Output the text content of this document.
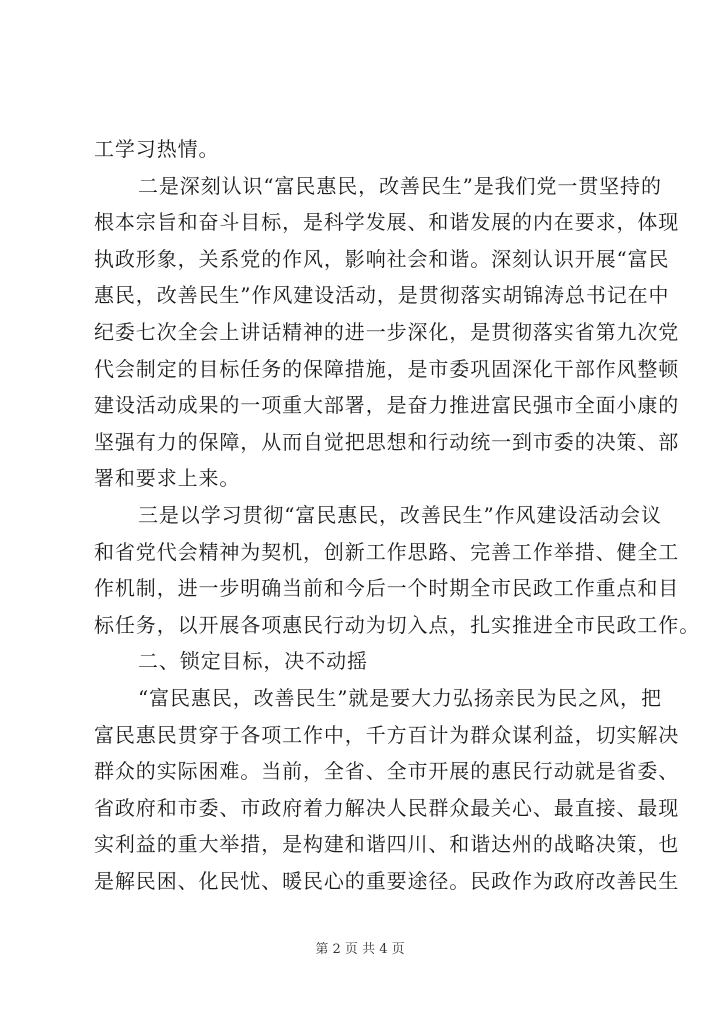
工学习热情。
二是深刻认识“富民惠民，改善民生”是我们党一贯坚持的
根本宗旨和奋斗目标，是科学发展、和谐发展的内在要求，体现
执政形象，关系党的作风，影响社会和谐。深刻认识开展“富民
惠民，改善民生”作风建设活动，是贯彻落实胡锦涛总书记在中
纪委七次全会上讲话精神的进一步深化，是贯彻落实省第九次党
代会制定的目标任务的保障措施，是市委巩固深化干部作风整顿
建设活动成果的一项重大部署，是奋力推进富民强市全面小康的
坚强有力的保障，从而自觉把思想和行动统一到市委的决策、部
署和要求上来。
三是以学习贯彻“富民惠民，改善民生”作风建设活动会议
和省党代会精神为契机，创新工作思路、完善工作举措、健全工
作机制，进一步明确当前和今后一个时期全市民政工作重点和目
标任务，以开展各项惠民行动为切入点，扎实推进全市民政工作。
二、锁定目标，决不动摇
“富民惠民，改善民生”就是要大力弘扬亲民为民之风，把
富民惠民贯穿于各项工作中，千方百计为群众谋利益，切实解决
群众的实际困难。当前，全省、全市开展的惠民行动就是省委、
省政府和市委、市政府着力解决人民群众最关心、最直接、最现
实利益的重大举措，是构建和谐四川、和谐达州的战略决策，也
是解民困、化民忧、暖民心的重要途径。民政作为政府改善民生
第 2 页 共 4 页
